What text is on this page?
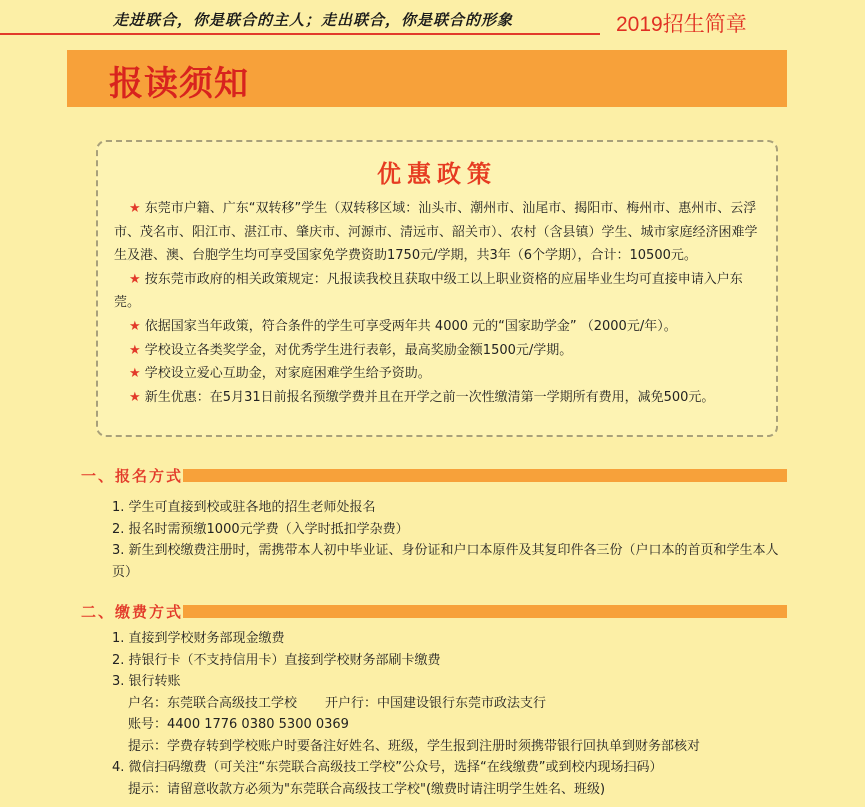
走进联合，你是联合的主人；走出联合，你是联合的形象	2019招生简章
报读须知
优惠政策

★ 东莞市户籍、广东“双转移”学生（双转移区域：汕头市、潮州市、汕尾市、揭阳市、梅州市、惠州市、云浮市、茂名市、阳江市、湛江市、肇庆市、河源市、清远市、韶关市）、农村（含县镇）学生、城市家庭经济困难学生及港、澳、台胞学生均可享受国家免学费资助1750元/学期，共3年（6个学期），合计：10500元。

★ 按东莞市政府的相关政策规定：凡报读我校且获取中级工以上职业资格的应届毕业生均可直接申请入户东莞。

★ 依据国家当年政策，符合条件的学生可享受两年共 4000 元的“国家助学金” （2000元/年）。

★ 学校设立各类奖学金，对优秀学生进行表彰，最高奖励金额1500元/学期。

★ 学校设立爱心互助金，对家庭困难学生给予资助。

★ 新生优惠：在5月31日前报名预缴学费并且在开学之前一次性缴清第一学期所有费用，减免500元。

一、报名方式

1. 学生可直接到校或驻各地的招生老师处报名

2. 报名时需预缴1000元学费（入学时抵扣学杂费）

3. 新生到校缴费注册时，需携带本人初中毕业证、身份证和户口本原件及其复印件各三份（户口本的首页和学生本人页）

二、缴费方式

1. 直接到学校财务部现金缴费

2. 持银行卡（不支持信用卡）直接到学校财务部刷卡缴费

3. 银行转账

户名：东莞联合高级技工学校 开户行：中国建设银行东莞市政法支行

账号：4400 1776 0380 5300 0369

提示：学费存转到学校账户时要备注好姓名、班级，学生报到注册时须携带银行回执单到财务部核对

4. 微信扫码缴费（可关注“东莞联合高级技工学校”公众号，选择“在线缴费”或到校内现场扫码）

提示：请留意收款方必须为"东莞联合高级技工学校"(缴费时请注明学生姓名、班级)
